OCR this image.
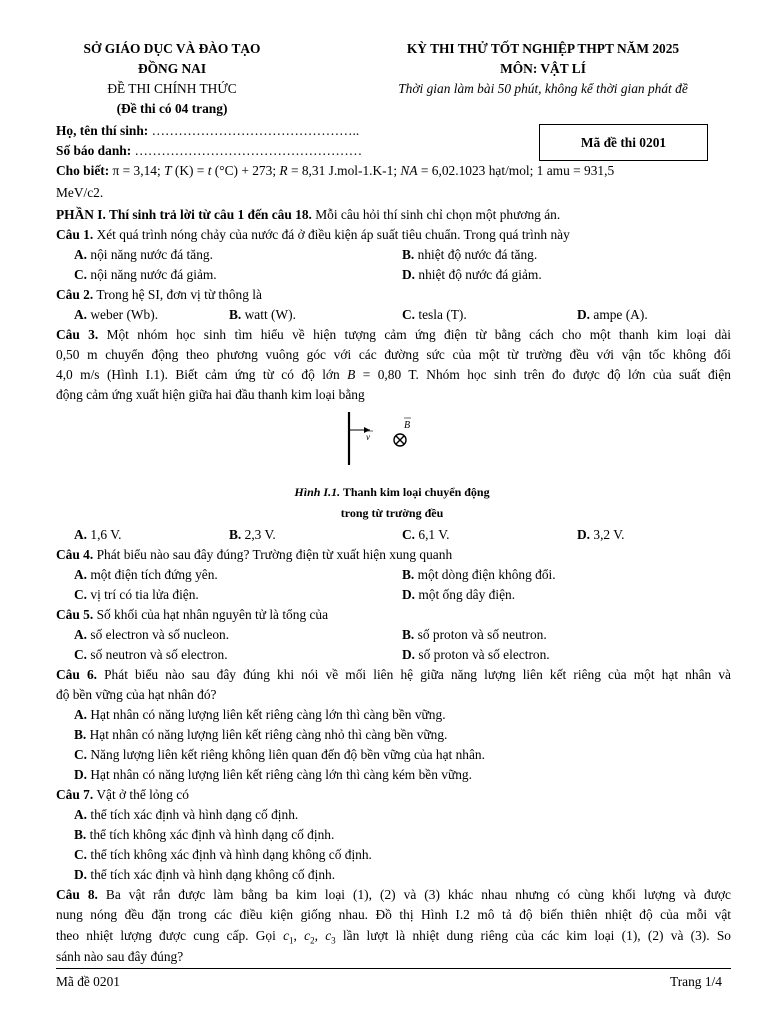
SỞ GIÁO DỤC VÀ ĐÀO TẠO
ĐỒNG NAI
ĐỀ THI CHÍNH THỨC
(Đề thi có 04 trang)
KỲ THI THỬ TỐT NGHIỆP THPT NĂM 2025
MÔN: VẬT LÍ
Thời gian làm bài 50 phút, không kể thời gian phát đề
Họ, tên thí sinh: ………………………………………..
Số báo danh: ……………………………………………
Mã đề thi 0201
Cho biết: π = 3,14; T (K) = t (°C) + 273; R = 8,31 J.mol-1.K-1; NA = 6,02.1023 hạt/mol; 1 amu = 931,5
MeV/c2.
PHẦN I. Thí sinh trả lời từ câu 1 đến câu 18. Mỗi câu hỏi thí sinh chỉ chọn một phương án.
Câu 1. Xét quá trình nóng chảy của nước đá ở điều kiện áp suất tiêu chuẩn. Trong quá trình này
A. nội năng nước đá tăng.	B. nhiệt độ nước đá tăng.
C. nội năng nước đá giảm.	D. nhiệt độ nước đá giảm.
Câu 2. Trong hệ SI, đơn vị từ thông là
A. weber (Wb).	B. watt (W).	C. tesla (T).	D. ampe (A).
Câu 3. Một nhóm học sinh tìm hiểu về hiện tượng cảm ứng điện từ bằng cách cho một thanh kim loại dài
0,50 m chuyển động theo phương vuông góc với các đường sức của một từ trường đều với vận tốc không đổi
4,0 m/s (Hình I.1). Biết cảm ứng từ có độ lớn B = 0,80 T. Nhóm học sinh trên đo được độ lớn của suất điện
động cảm ứng xuất hiện giữa hai đầu thanh kim loại bằng
v
B
Hình I.1. Thanh kim loại chuyển động
trong từ trường đều
A. 1,6 V.	B. 2,3 V.	C. 6,1 V.	D. 3,2 V.
Câu 4. Phát biểu nào sau đây đúng? Trường điện từ xuất hiện xung quanh
A. một điện tích đứng yên.	B. một dòng điện không đổi.
C. vị trí có tia lửa điện.	D. một ống dây điện.
Câu 5. Số khối của hạt nhân nguyên tử là tổng của
A. số electron và số nucleon.	B. số proton và số neutron.
C. số neutron và số electron.	D. số proton và số electron.
Câu 6. Phát biểu nào sau đây đúng khi nói về mối liên hệ giữa năng lượng liên kết riêng của một hạt nhân và
độ bền vững của hạt nhân đó?
A. Hạt nhân có năng lượng liên kết riêng càng lớn thì càng bền vững.
B. Hạt nhân có năng lượng liên kết riêng càng nhỏ thì càng bền vững.
C. Năng lượng liên kết riêng không liên quan đến độ bền vững của hạt nhân.
D. Hạt nhân có năng lượng liên kết riêng càng lớn thì càng kém bền vững.
Câu 7. Vật ở thể lỏng có
A. thể tích xác định và hình dạng cố định.
B. thể tích không xác định và hình dạng cố định.
C. thể tích không xác định và hình dạng không cố định.
D. thể tích xác định và hình dạng không cố định.
Câu 8. Ba vật rắn được làm bằng ba kim loại (1), (2) và (3) khác nhau nhưng có cùng khối lượng và được
nung nóng đều đặn trong các điều kiện giống nhau. Đồ thị Hình I.2 mô tả độ biến thiên nhiệt độ của mỗi vật
theo nhiệt lượng được cung cấp. Gọi $c_1$, $c_2$, $c_3$ lần lượt là nhiệt dung riêng của các kim loại (1), (2) và (3). So
sánh nào sau đây đúng?
Mã đề 0201	Trang 1/4
